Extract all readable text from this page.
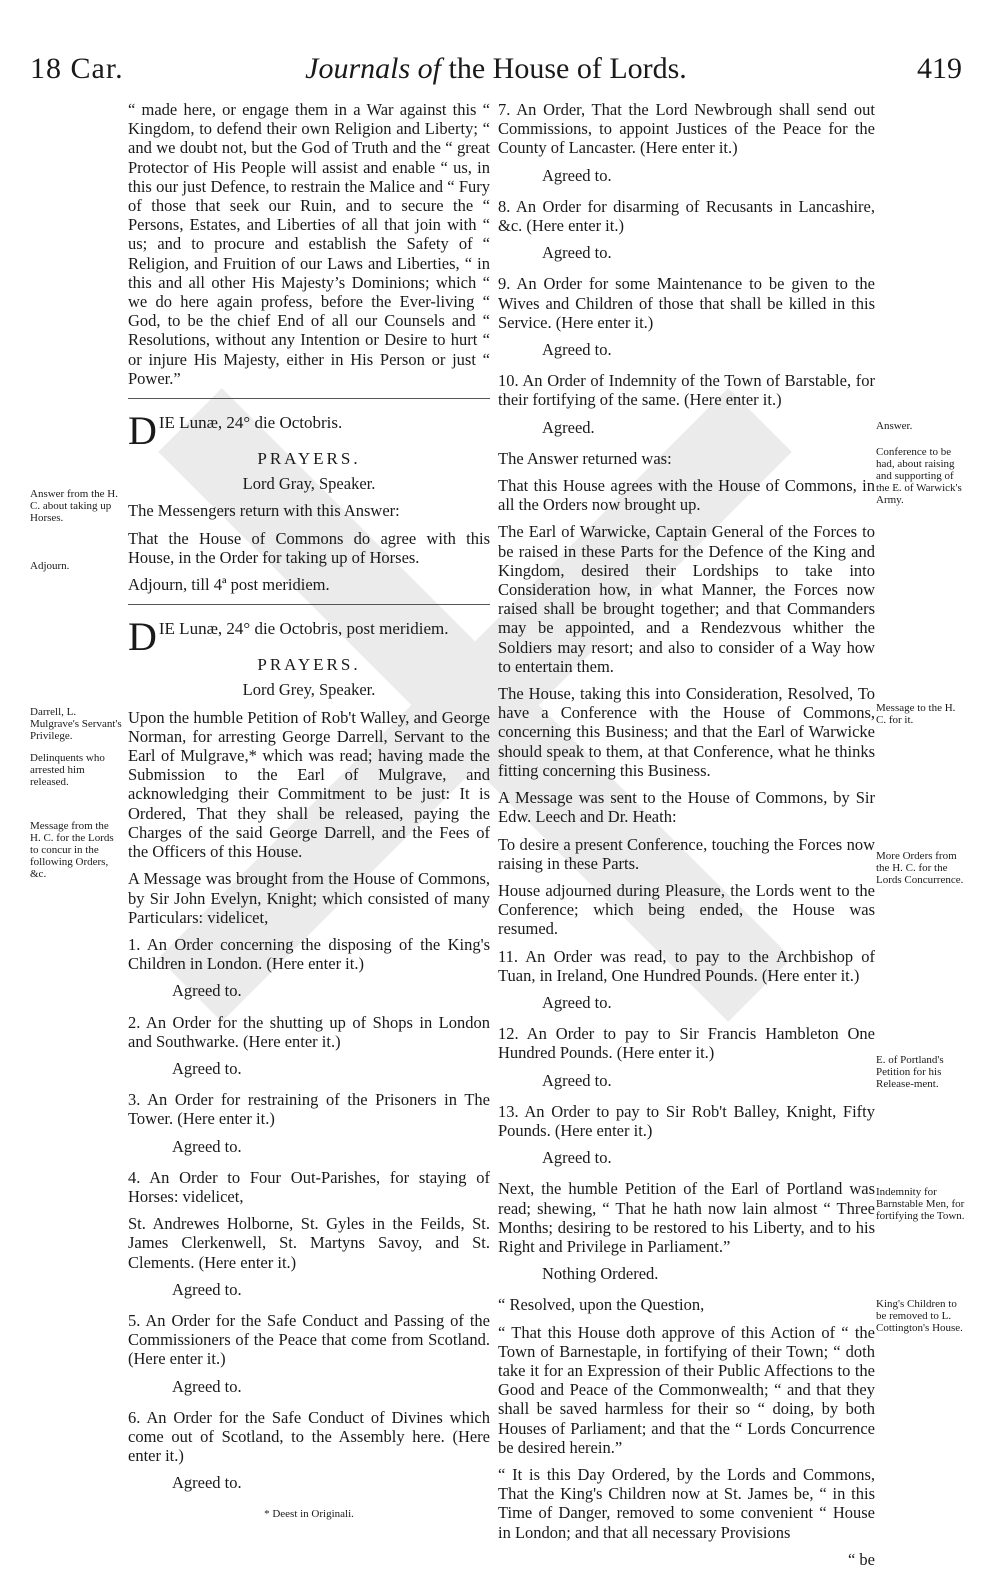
18 Car.	Journals of the House of Lords.	419

“ made here, or engage them in a War against this “ Kingdom, to defend their own Religion and Liberty; “ and we doubt not, but the God of Truth and the “ great Protector of His People will assist and enable “ us, in this our just Defence, to restrain the Malice and “ Fury of those that seek our Ruin, and to secure the “ Persons, Estates, and Liberties of all that join with “ us; and to procure and establish the Safety of “ Religion, and Fruition of our Laws and Liberties, “ in this and all other His Majesty’s Dominions; which “ we do here again profess, before the Ever-living “ God, to be the chief End of all our Counsels and “ Resolutions, without any Intention or Desire to hurt “ or injure His Majesty, either in His Person or just “ Power.”

DIE Lunæ, 24° die Octobris.

PRAYERS.

Lord Gray, Speaker.

The Messengers return with this Answer:

That the House of Commons do agree with this House, in the Order for taking up of Horses.

Adjourn, till 4ª post meridiem.

DIE Lunæ, 24° die Octobris, post meridiem.

PRAYERS.

Lord Grey, Speaker.

Upon the humble Petition of Rob't Walley, and George Norman, for arresting George Darrell, Servant to the Earl of Mulgrave,* which was read; having made the Submission to the Earl of Mulgrave, and acknowledging their Commitment to be just: It is Ordered, That they shall be released, paying the Charges of the said George Darrell, and the Fees of the Officers of this House.

A Message was brought from the House of Commons, by Sir John Evelyn, Knight; which consisted of many Particulars: videlicet,

1. An Order concerning the disposing of the King's Children in London. (Here enter it.)

Agreed to.

2. An Order for the shutting up of Shops in London and Southwarke. (Here enter it.)

Agreed to.

3. An Order for restraining of the Prisoners in The Tower. (Here enter it.)

Agreed to.

4. An Order to Four Out-Parishes, for staying of Horses: videlicet,

St. Andrewes Holborne, St. Gyles in the Feilds, St. James Clerkenwell, St. Martyns Savoy, and St. Clements. (Here enter it.)

Agreed to.

5. An Order for the Safe Conduct and Passing of the Commissioners of the Peace that come from Scotland. (Here enter it.)

Agreed to.

6. An Order for the Safe Conduct of Divines which come out of Scotland, to the Assembly here. (Here enter it.)

Agreed to.

* Deest in Originali.

7. An Order, That the Lord Newbrough shall send out Commissions, to appoint Justices of the Peace for the County of Lancaster. (Here enter it.)

Agreed to.

8. An Order for disarming of Recusants in Lancashire, &c. (Here enter it.)

Agreed to.

9. An Order for some Maintenance to be given to the Wives and Children of those that shall be killed in this Service. (Here enter it.)

Agreed to.

10. An Order of Indemnity of the Town of Barstable, for their fortifying of the same. (Here enter it.)

Agreed.

The Answer returned was:

That this House agrees with the House of Commons, in all the Orders now brought up.

The Earl of Warwicke, Captain General of the Forces to be raised in these Parts for the Defence of the King and Kingdom, desired their Lordships to take into Consideration how, in what Manner, the Forces now raised shall be brought together; and that Commanders may be appointed, and a Rendezvous whither the Soldiers may resort; and also to consider of a Way how to entertain them.

The House, taking this into Consideration, Resolved, To have a Conference with the House of Commons, concerning this Business; and that the Earl of Warwicke should speak to them, at that Conference, what he thinks fitting concerning this Business.

A Message was sent to the House of Commons, by Sir Edw. Leech and Dr. Heath:

To desire a present Conference, touching the Forces now raising in these Parts.

House adjourned during Pleasure, the Lords went to the Conference; which being ended, the House was resumed.

11. An Order was read, to pay to the Archbishop of Tuan, in Ireland, One Hundred Pounds. (Here enter it.)

Agreed to.

12. An Order to pay to Sir Francis Hambleton One Hundred Pounds. (Here enter it.)

Agreed to.

13. An Order to pay to Sir Rob't Balley, Knight, Fifty Pounds. (Here enter it.)

Agreed to.

Next, the humble Petition of the Earl of Portland was read; shewing, “ That he hath now lain almost “ Three Months; desiring to be restored to his Liberty, and to his Right and Privilege in Parliament.”

Nothing Ordered.

“ Resolved, upon the Question,

“ That this House doth approve of this Action of “ the Town of Barnestaple, in fortifying of their Town; “ doth take it for an Expression of their Public Affections to the Good and Peace of the Commonwealth; “ and that they shall be saved harmless for their so “ doing, by both Houses of Parliament; and that the “ Lords Concurrence be desired herein.”

“ It is this Day Ordered, by the Lords and Commons, That the King's Children now at St. James be, “ in this Time of Danger, removed to some convenient “ House in London; and that all necessary Provisions

“ be

Answer from the H. C. about taking up Horses.
Adjourn.
Darrell, L. Mulgrave's Servant's Privilege.
Delinquents who arrested him released.
Message from the H. C. for the Lords to concur in the following Orders, &c.
Answer.
Conference to be had, about raising and supporting of the E. of Warwick's Army.
Message to the H. C. for it.
More Orders from the H. C. for the Lords Concurrence.
E. of Portland's Petition for his Release-ment.
Indemnity for Barnstable Men, for fortifying the Town.
King's Children to be removed to L. Cottington's House.
